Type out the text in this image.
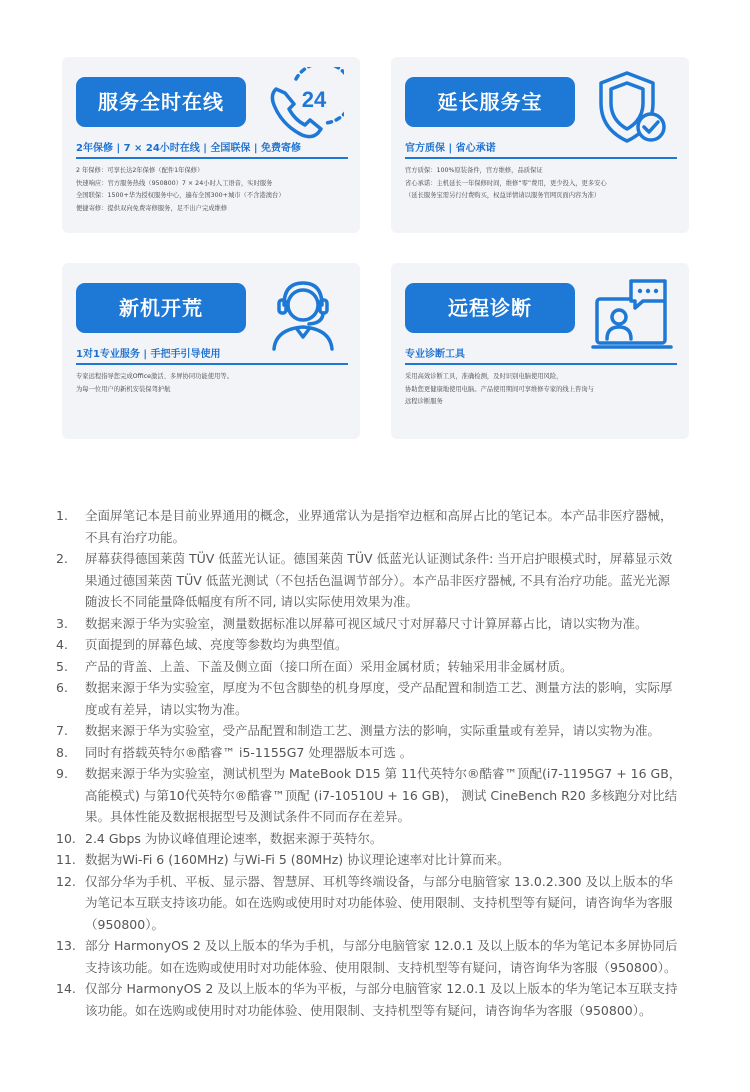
服务全时在线	24
2年保修 | 7 × 24小时在线 | 全国联保 | 免费寄修
2 年保修：可享长达2年保修（配件1年保修）
快速响应：官方服务热线（950800）7 × 24小时人工语音，实时服务
全国联保：1500+华为授权服务中心，遍布全国300+城市（不含港澳台）
便捷寄修：提供双向免费寄修服务，足不出户完成维修
延长服务宝
官方质保 | 省心承诺
官方质保：100%原装备件，官方维修，品质保证
省心承诺：主机延长一年保修时间，维修“零”费用，更少投入，更多安心
（延长服务宝需另行付费购买，权益详情请以服务官网页面内容为准）
新机开荒
1对1专业服务 | 手把手引导使用
专家远程指导您完成Office激活、多屏协同功能使用等。
为每一位用户的新机安装保驾护航
远程诊断
专业诊断工具
采用高效诊断工具，准确检测，及时识别电脑使用风险，
协助您更健康地使用电脑。产品使用期间可享维修专家的线上咨询与
远程诊断服务
1.	全面屏笔记本是目前业界通用的概念，业界通常认为是指窄边框和高屏占比的笔记本。本产品非医疗器械，不具有治疗功能。
2.	屏幕获得德国莱茵 TÜV 低蓝光认证。德国莱茵 TÜV 低蓝光认证测试条件: 当开启护眼模式时，屏幕显示效果通过德国莱茵 TÜV 低蓝光测试（不包括色温调节部分）。本产品非医疗器械, 不具有治疗功能。蓝光光源随波长不同能量降低幅度有所不同, 请以实际使用效果为准。
3.	数据来源于华为实验室，测量数据标准以屏幕可视区域尺寸对屏幕尺寸计算屏幕占比，请以实物为准。
4.	页面提到的屏幕色域、亮度等参数均为典型值。
5.	产品的背盖、上盖、下盖及侧立面（接口所在面）采用金属材质；转轴采用非金属材质。
6.	数据来源于华为实验室，厚度为不包含脚垫的机身厚度，受产品配置和制造工艺、测量方法的影响，实际厚度或有差异，请以实物为准。
7.	数据来源于华为实验室，受产品配置和制造工艺、测量方法的影响，实际重量或有差异，请以实物为准。
8.	同时有搭载英特尔®酷睿™ i5-1155G7 处理器版本可选 。
9.	数据来源于华为实验室，测试机型为 MateBook D15 第 11代英特尔®酷睿™顶配(i7-1195G7 + 16 GB，高能模式) 与第10代英特尔®酷睿™顶配 (i7-10510U + 16 GB)， 测试 CineBench R20 多核跑分对比结果。具体性能及数据根据型号及测试条件不同而存在差异。
10. 2.4 Gbps 为协议峰值理论速率，数据来源于英特尔。
11. 数据为Wi-Fi 6 (160MHz) 与Wi-Fi 5 (80MHz) 协议理论速率对比计算而来。
12. 仅部分华为手机、平板、显示器、智慧屏、耳机等终端设备，与部分电脑管家 13.0.2.300 及以上版本的华为笔记本互联支持该功能。如在选购或使用时对功能体验、使用限制、支持机型等有疑问，请咨询华为客服（950800）。
13. 部分 HarmonyOS 2 及以上版本的华为手机，与部分电脑管家 12.0.1 及以上版本的华为笔记本多屏协同后支持该功能。如在选购或使用时对功能体验、使用限制、支持机型等有疑问，请咨询华为客服（950800）。
14. 仅部分 HarmonyOS 2 及以上版本的华为平板，与部分电脑管家 12.0.1 及以上版本的华为笔记本互联支持该功能。如在选购或使用时对功能体验、使用限制、支持机型等有疑问，请咨询华为客服（950800）。
